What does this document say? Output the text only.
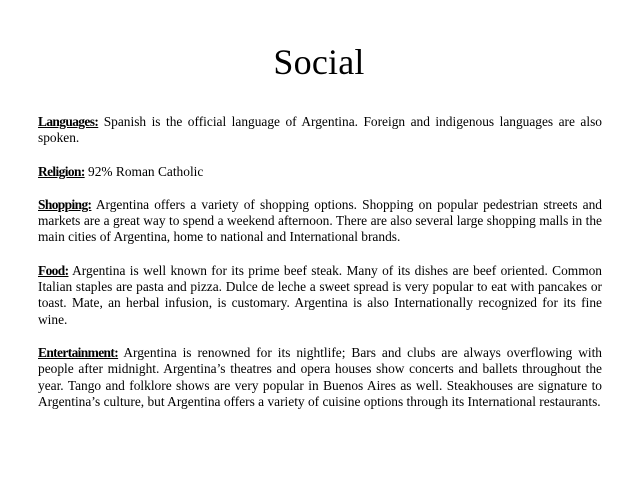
Social

Languages: Spanish is the official language of Argentina. Foreign and indigenous languages are also spoken.

Religion: 92% Roman Catholic

Shopping: Argentina offers a variety of shopping options. Shopping on popular pedestrian streets and markets are a great way to spend a weekend afternoon. There are also several large shopping malls in the main cities of Argentina, home to national and International brands.

Food: Argentina is well known for its prime beef steak. Many of its dishes are beef oriented. Common Italian staples are pasta and pizza. Dulce de leche a sweet spread is very popular to eat with pancakes or toast. Mate, an herbal infusion, is customary. Argentina is also Internationally recognized for its fine wine.

Entertainment: Argentina is renowned for its nightlife; Bars and clubs are always overflowing with people after midnight. Argentina’s theatres and opera houses show concerts and ballets throughout the year. Tango and folklore shows are very popular in Buenos Aires as well. Steakhouses are signature to Argentina’s culture, but Argentina offers a variety of cuisine options through its International restaurants.
